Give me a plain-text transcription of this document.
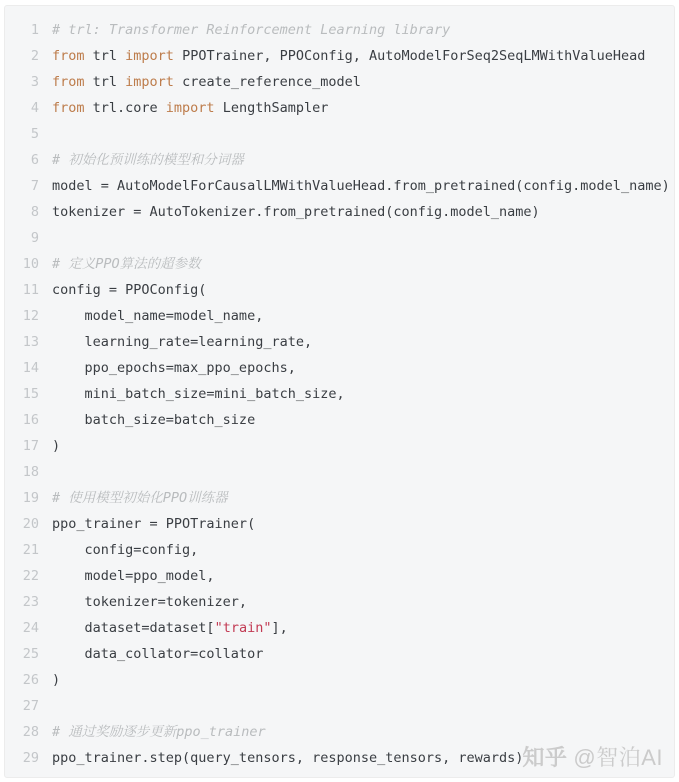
1 # trl: Transformer Reinforcement Learning library
2 from trl import PPOTrainer, PPOConfig, AutoModelForSeq2SeqLMWithValueHead
3 from trl import create_reference_model
4 from trl.core import LengthSampler
5
6 # 初始化预训练的模型和分词器
7 model = AutoModelForCausalLMWithValueHead.from_pretrained(config.model_name)
8 tokenizer = AutoTokenizer.from_pretrained(config.model_name)
9
10 # 定义PPO算法的超参数
11 config = PPOConfig(
12    model_name=model_name,
13    learning_rate=learning_rate,
14    ppo_epochs=max_ppo_epochs,
15    mini_batch_size=mini_batch_size,
16    batch_size=batch_size
17 )
18
19 # 使用模型初始化PPO训练器
20 ppo_trainer = PPOTrainer(
21    config=config,
22    model=ppo_model,
23    tokenizer=tokenizer,
24    dataset=dataset["train"],
25    data_collator=collator
26 )
27
28 # 通过奖励逐步更新ppo_trainer
29 ppo_trainer.step(query_tensors, response_tensors, rewards)
知乎 @智泊AI
